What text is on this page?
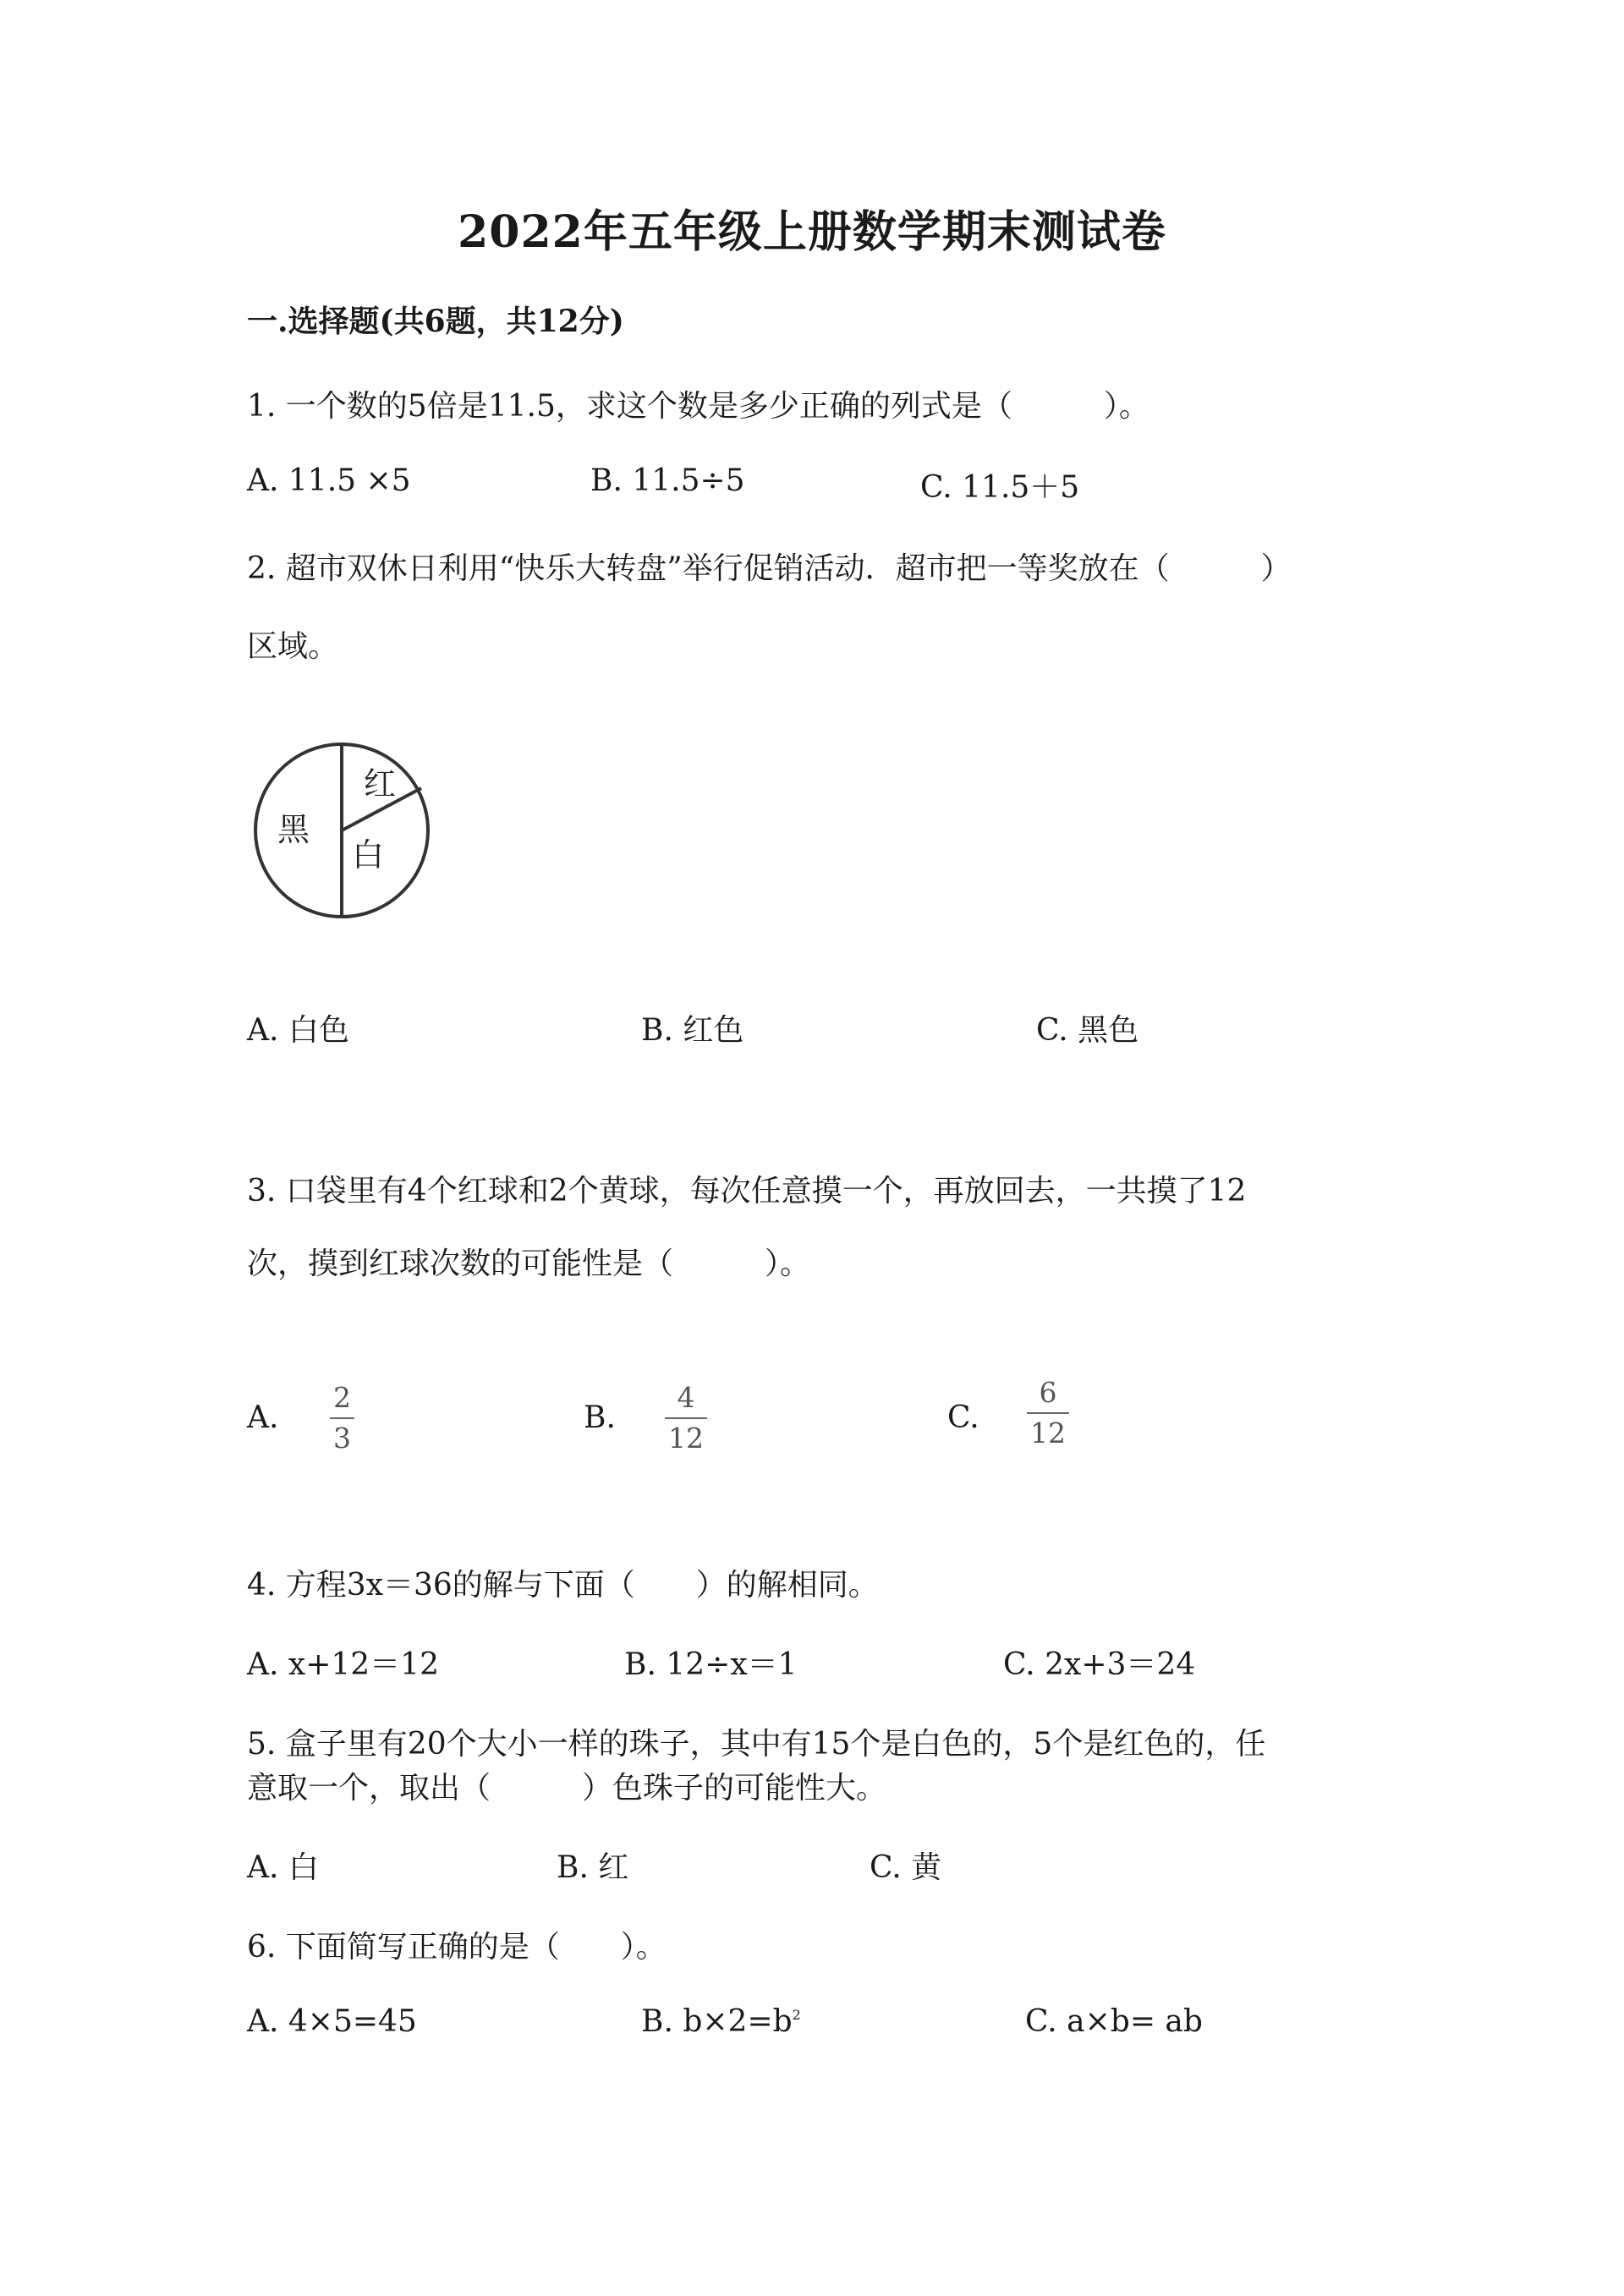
2022年五年级上册数学期末测试卷
一.选择题(共6题，共12分)
1. 一个数的5倍是11.5，求这个数是多少正确的列式是（　　　）。
A. 11.5 ×5	B. 11.5÷5	C. 11.5＋5
2. 超市双休日利用“快乐大转盘”举行促销活动．超市把一等奖放在（　　　）
区域。
红
黑
白
A. 白色	B. 红色	C. 黑色
3. 口袋里有4个红球和2个黄球，每次任意摸一个，再放回去，一共摸了12
次，摸到红球次数的可能性是（　　　）。
A.
2
3
B.
4
12
C.
6
12
4. 方程3x＝36的解与下面（　　）的解相同。
A. x+12＝12	B. 12÷x＝1	C. 2x+3＝24
5. 盒子里有20个大小一样的珠子，其中有15个是白色的，5个是红色的，任
意取一个，取出（　　　）色珠子的可能性大。
A. 白	B. 红	C. 黄
6. 下面简写正确的是（　　）。
A. 4×5=45	B. $b\times 2=b^2$	C. a×b= ab
